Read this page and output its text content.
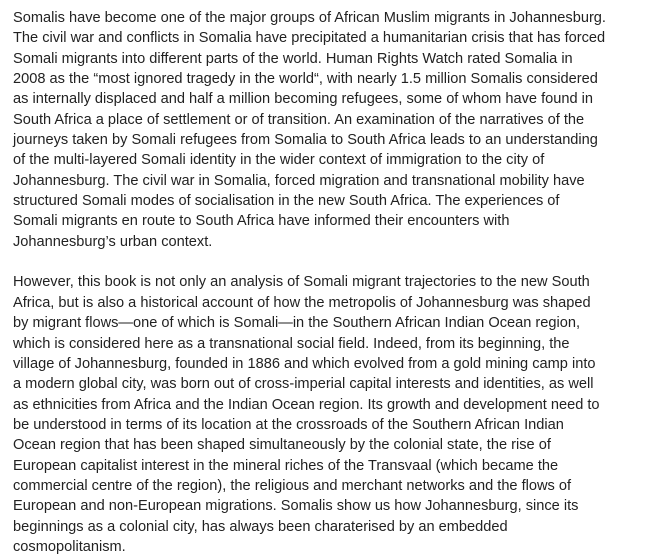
Somalis have become one of the major groups of African Muslim migrants in Johannesburg.
The civil war and conflicts in Somalia have precipitated a humanitarian crisis that has forced
Somali migrants into different parts of the world. Human Rights Watch rated Somalia in
2008 as the “most ignored tragedy in the world“, with nearly 1.5 million Somalis considered
as internally displaced and half a million becoming refugees, some of whom have found in
South Africa a place of settlement or of transition. An examination of the narratives of the
journeys taken by Somali refugees from Somalia to South Africa leads to an understanding
of the multi-layered Somali identity in the wider context of immigration to the city of
Johannesburg. The civil war in Somalia, forced migration and transnational mobility have
structured Somali modes of socialisation in the new South Africa. The experiences of
Somali migrants en route to South Africa have informed their encounters with
Johannesburg’s urban context.

However, this book is not only an analysis of Somali migrant trajectories to the new South
Africa, but is also a historical account of how the metropolis of Johannesburg was shaped
by migrant flows—one of which is Somali—in the Southern African Indian Ocean region,
which is considered here as a transnational social field. Indeed, from its beginning, the
village of Johannesburg, founded in 1886 and which evolved from a gold mining camp into
a modern global city, was born out of cross-imperial capital interests and identities, as well
as ethnicities from Africa and the Indian Ocean region. Its growth and development need to
be understood in terms of its location at the crossroads of the Southern African Indian
Ocean region that has been shaped simultaneously by the colonial state, the rise of
European capitalist interest in the mineral riches of the Transvaal (which became the
commercial centre of the region), the religious and merchant networks and the flows of
European and non-European migrations. Somalis show us how Johannesburg, since its
beginnings as a colonial city, has always been charaterised by an embedded
cosmopolitanism.
